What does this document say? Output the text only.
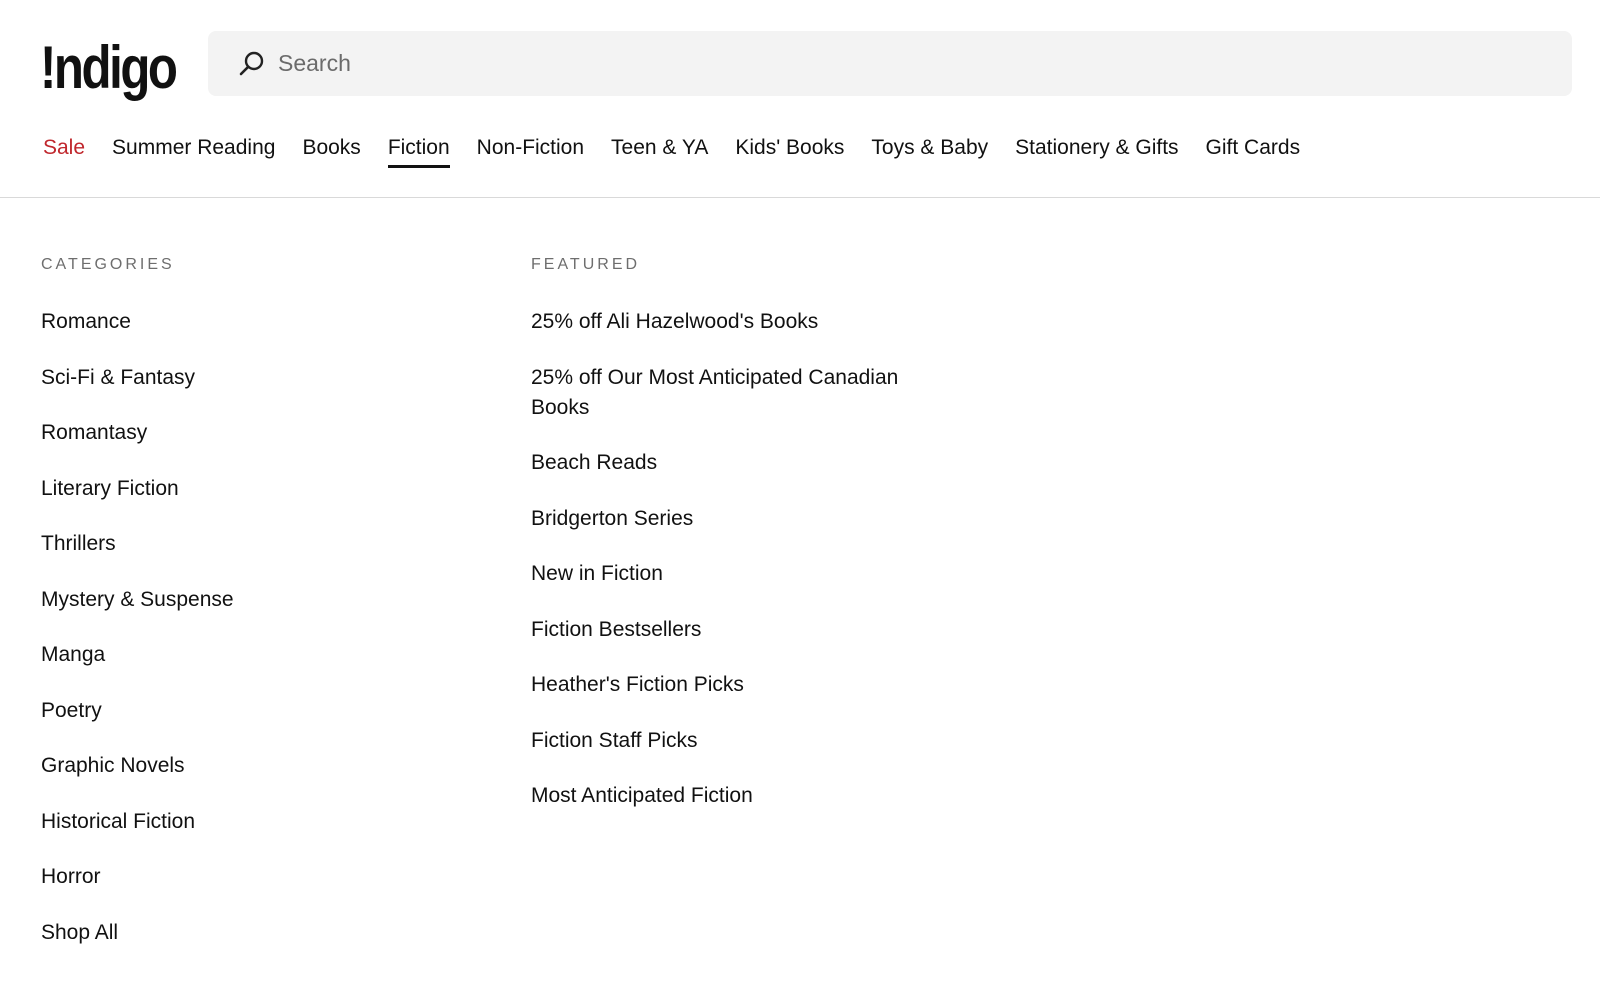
!ndigo
Search
Sale Summer Reading Books Fiction Non-Fiction Teen & YA Kids' Books Toys & Baby Stationery & Gifts Gift Cards
CATEGORIES
Romance
Sci-Fi & Fantasy
Romantasy
Literary Fiction
Thrillers
Mystery & Suspense
Manga
Poetry
Graphic Novels
Historical Fiction
Horror
Shop All
FEATURED
25% off Ali Hazelwood's Books
25% off Our Most Anticipated Canadian Books
Beach Reads
Bridgerton Series
New in Fiction
Fiction Bestsellers
Heather's Fiction Picks
Fiction Staff Picks
Most Anticipated Fiction
